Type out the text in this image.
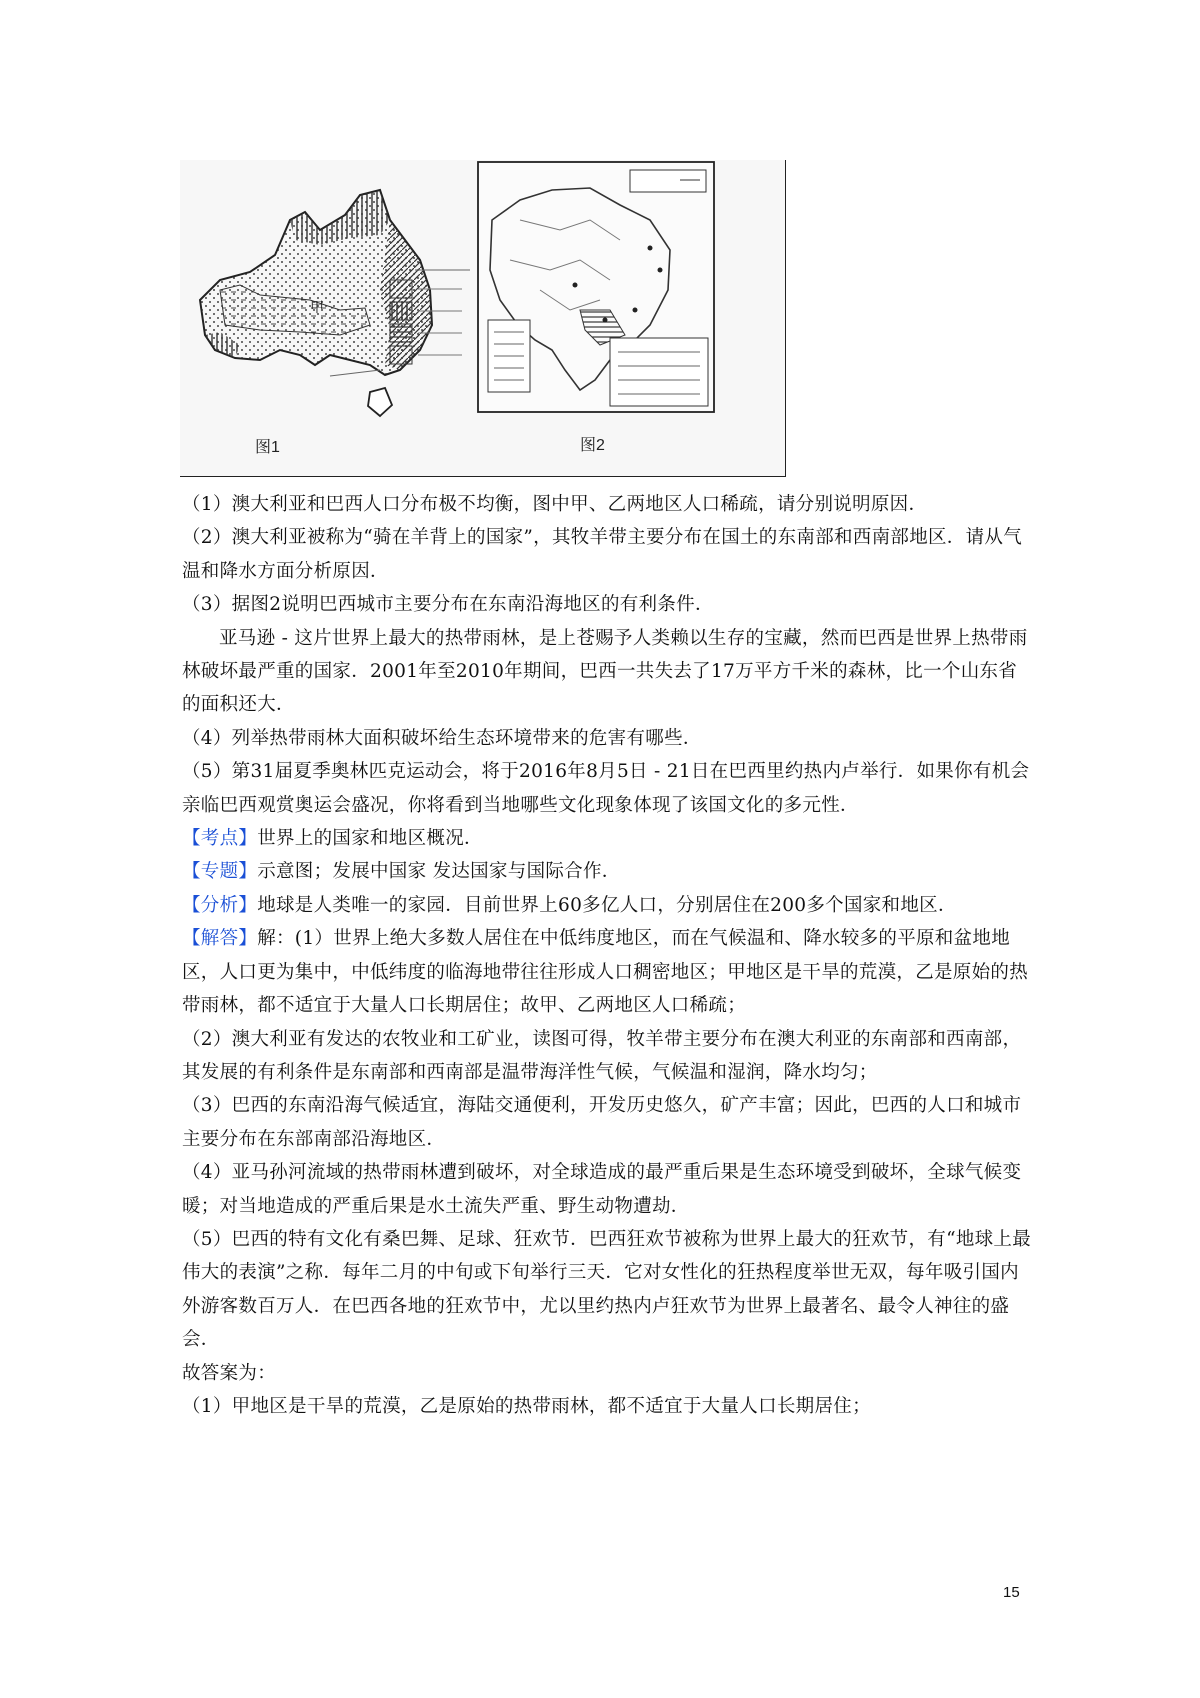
甲
图1	图2

（1）澳大利亚和巴西人口分布极不均衡，图中甲、乙两地区人口稀疏，请分别说明原因．

（2）澳大利亚被称为“骑在羊背上的国家”，其牧羊带主要分布在国土的东南部和西南部地区．请从气温和降水方面分析原因．

（3）据图2说明巴西城市主要分布在东南沿海地区的有利条件．

亚马逊 - 这片世界上最大的热带雨林，是上苍赐予人类赖以生存的宝藏，然而巴西是世界上热带雨林破坏最严重的国家．2001年至2010年期间，巴西一共失去了17万平方千米的森林，比一个山东省的面积还大．

（4）列举热带雨林大面积破坏给生态环境带来的危害有哪些．

（5）第31届夏季奥林匹克运动会，将于2016年8月5日 - 21日在巴西里约热内卢举行．如果你有机会亲临巴西观赏奥运会盛况，你将看到当地哪些文化现象体现了该国文化的多元性．

【考点】世界上的国家和地区概况．

【专题】示意图；发展中国家 发达国家与国际合作．

【分析】地球是人类唯一的家园．目前世界上60多亿人口，分别居住在200多个国家和地区．

【解答】解：(1）世界上绝大多数人居住在中低纬度地区，而在气候温和、降水较多的平原和盆地地区，人口更为集中，中低纬度的临海地带往往形成人口稠密地区；甲地区是干旱的荒漠，乙是原始的热带雨林，都不适宜于大量人口长期居住；故甲、乙两地区人口稀疏；

（2）澳大利亚有发达的农牧业和工矿业，读图可得，牧羊带主要分布在澳大利亚的东南部和西南部，其发展的有利条件是东南部和西南部是温带海洋性气候，气候温和湿润，降水均匀；

（3）巴西的东南沿海气候适宜，海陆交通便利，开发历史悠久，矿产丰富；因此，巴西的人口和城市主要分布在东部南部沿海地区．

（4）亚马孙河流域的热带雨林遭到破坏，对全球造成的最严重后果是生态环境受到破坏，全球气候变暖；对当地造成的严重后果是水土流失严重、野生动物遭劫．

（5）巴西的特有文化有桑巴舞、足球、狂欢节．巴西狂欢节被称为世界上最大的狂欢节，有“地球上最伟大的表演”之称．每年二月的中旬或下旬举行三天．它对女性化的狂热程度举世无双，每年吸引国内外游客数百万人．在巴西各地的狂欢节中，尤以里约热内卢狂欢节为世界上最著名、最令人神往的盛会．

故答案为：

（1）甲地区是干旱的荒漠，乙是原始的热带雨林，都不适宜于大量人口长期居住；

15
